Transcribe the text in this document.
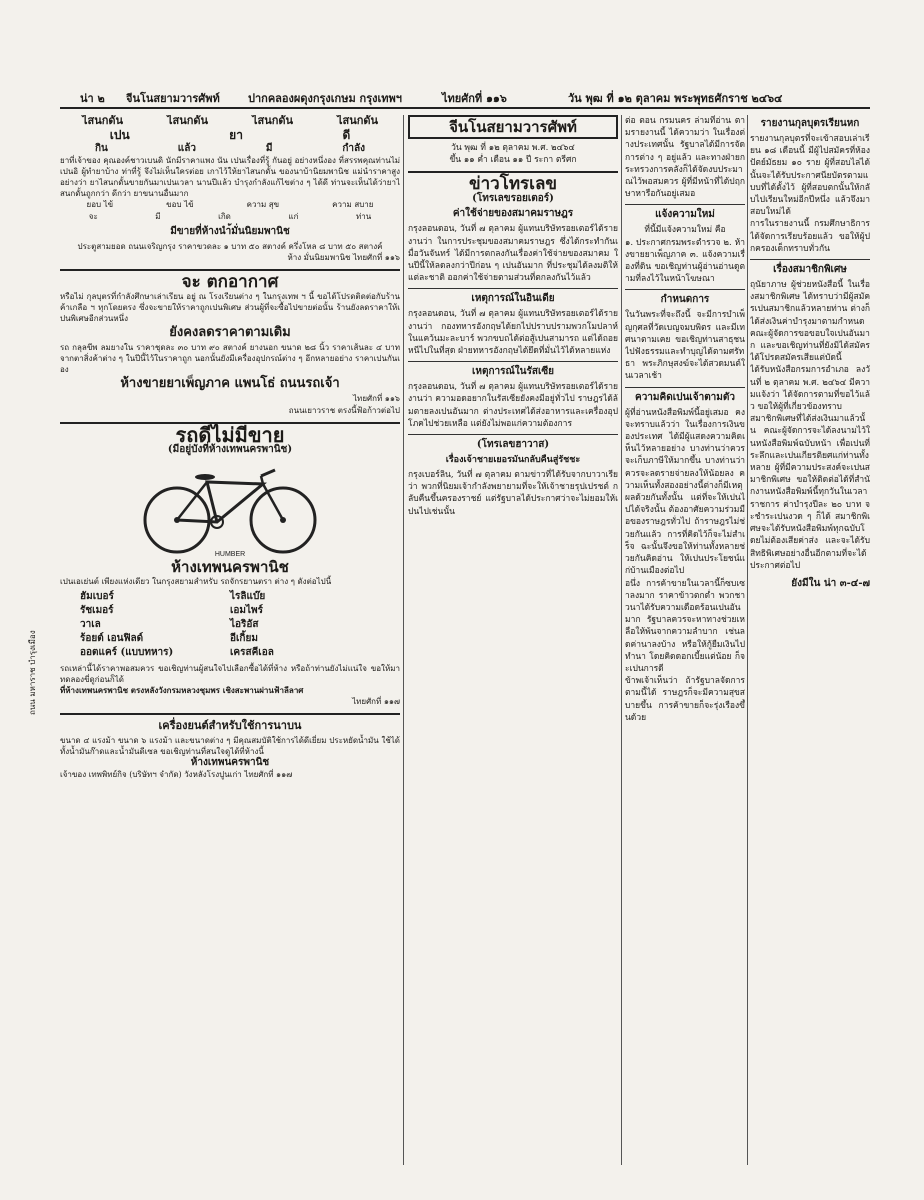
น่า ๒ จีนโนสยามวารศัพท์	ปากคลองผดุงกรุงเกษม กรุงเทพฯ	ไทยศักที่ ๑๑๖	วัน พุฒ ที่ ๑๒ ตุลาคม พระพุทธศักราช ๒๔๖๔
ไสนกดั้น	ไสนกดั้น	ไสนกดั้น	ไสนกดั้น
เปน	ยา	ดี
กิน	แล้ว	มี	กำลัง
ยาที่เจ้าของ คุณองค์ชาวเบนดิ นักมีราคาแพง นัน เปนเรื่องที่รู้ กันอยู่ อย่างหนึ่งอง ที่สรรพคุณท่านไม่เปนอิ ผู้ทำยาบ้าง ท่าที่รู้ จึงไม่เห็นใครต่อย เกาไว้ให้ยาไสนกดั้น ของนาบ้านิยมพานิช แม่นำราคาสูงอย่างว่า ยาไสนกดั้นขายกันมาเปนเวลา นานปีแล้ว บำรุงกำลังแก้ไขต่าง ๆ ได้ดี ท่านจะเห็นได้ว่ายาไสนกดั้นถูกกว่า ดีกว่า ยาขนานอื่นมาก
ยอบ ไข้	ขอบ ไข้	ความ สุข	ความ สบาย
จะ	มี	เกิด	แก่	ท่าน
มีขายที่ห้างนำ้มั่นนิยมพานิช
ประตูสามยอด ถนนเจริญกรุง ราคาขวดละ ๑ บาท ๕๐ สตางค์ ครึ่งโหล ๘ บาท ๕๐ สตางค์
ห้าง มั่นนิยมพานิช ไทยศักที่ ๑๑๖
จะ ตกอากาศ
หรือไม่ กุลบุตรที่กำลังศึกษาเล่าเรียน อยู่ ณ โรงเรียนต่าง ๆ ในกรุงเทพ ฯ นี้ ขอได้โปรดติดต่อกับร้านค้าเกลือ ฯ ทุกโดยตรง ซึ่งจะขายให้ราคาถูกเปนพิเศษ ส่วนผู้ที่จะซื้อไปขายต่อนั้น ร้านยังลดราคาให้เปนพิเศษอีกส่วนหนึ่ง
ยังคงลดราคาตามเดิม
รถ กลุลขีพ ลมยางใน ราคาชุดละ ๓๐ บาท ๙๐ สตางค์ ยางนอก ขนาด ๒๘ นิ้ว ราคาเส้นละ ๔ บาท จากตาสิ่งค้าต่าง ๆ ในปีนี้ไว้ในราคาถูก นอกนั้นยังมีเครื่องอุปกรณ์ต่าง ๆ อีกหลายอย่าง ราคาเปนกันเอง
ห้างขายยาเพ็ญภาค แพนโธ่ ถนนรถเจ้า
ไทยศักที่ ๑๑๖
ถนนเยาวราช ตรงนี้ฟ้อก้าวต่อไป
รถดีไม่มีขาย
(มีอยู่บังที่ห้างเทพนครพานิช)
HUMBER
ห้างเทพนครพานิช
เปนเอเย่นต์ เพียงแห่งเดียว ในกรุงสยามสำหรับ รถจักรยานตรา ต่าง ๆ ดังต่อไปนี้
ฮัมเบอร์	ไรลิแบ๊ย
รัชเมอร์	เอมไพร์
วาเล	ไอริอัส
ร้อยต์ เอนฟิลด์	อีเกิ้ยม
ออตแคร์ (แบบทหาร)	เครสคีเอล
รถเหล่านี้ได้ราคาพอสมควร ขอเชิญท่านผู้สนใจไปเลือกซื้อได้ที่ห้าง หรือถ้าท่านยังไม่แน่ใจ ขอให้มาทดลองขี่ดูก่อนก็ได้
ที่ห้างเทพนครพานิช ตรงหลังวังกรมหลวงชุมพร เชิงสะพานผ่านฟ้าลีลาศ
ไทยศักที่ ๑๑๗
เครื่องยนต์สำหรับใช้การนาบน
ขนาด ๔ แรงม้า ขนาด ๖ แรงม้า และขนาดต่าง ๆ มีคุณสมบัติใช้การได้ดีเยี่ยม ประหยัดน้ำมัน ใช้ได้ทั้งน้ำมันก๊าดและน้ำมันดีเซล ขอเชิญท่านที่สนใจดูได้ที่ห้างนี้
ห้างเทพนครพานิช
เจ้าของ เทพพิทย์กิจ (บริษัทฯ จำกัด) วังหลังโรงปูนเก่า ไทยศักที่ ๑๑๗
ถนน มหาราช บำรุงเมือง
จีนโนสยามวารศัพท์
วัน พุฒ ที่ ๑๒ ตุลาคม พ.ศ. ๒๔๖๔
ขึ้น ๑๑ ค่ำ เดือน ๑๑ ปี ระกา ตรีศก
ข่าวโทรเลข
(โทรเลขรอยเตอร์)
ค่าใช้จ่ายของสมาคมราษฎร
กรุงลอนดอน, วันที่ ๗ ตุลาคม ผู้แทนบริษัทรอยเตอร์ได้รายงานว่า ในการประชุมของสมาคมราษฎร ซึ่งได้กระทำกันเมื่อวันจันทร์ ได้มีการตกลงกันเรื่องค่าใช้จ่ายของสมาคม ในปีนี้ให้ลดลงกว่าปีก่อน ๆ เปนอันมาก ที่ประชุมได้ลงมติให้แต่ละชาติ ออกค่าใช้จ่ายตามส่วนที่ตกลงกันไว้แล้ว
เหตุการณ์ในอินเดีย
กรุงลอนดอน, วันที่ ๗ ตุลาคม ผู้แทนบริษัทรอยเตอร์ได้รายงานว่า กองทหารอังกฤษได้ยกไปปราบปรามพวกโมปลาห์ ในแคว้นมะละบาร์ พวกขบถได้ต่อสู้เปนสามารถ แต่ได้ถอยหนีไปในที่สุด ฝ่ายทหารอังกฤษได้ยึดที่มั่นไว้ได้หลายแห่ง
เหตุการณ์ในรัสเซีย
กรุงลอนดอน, วันที่ ๗ ตุลาคม ผู้แทนบริษัทรอยเตอร์ได้รายงานว่า ความอดอยากในรัสเซียยังคงมีอยู่ทั่วไป ราษฎรได้ล้มตายลงเปนอันมาก ต่างประเทศได้ส่งอาหารและเครื่องอุปโภคไปช่วยเหลือ แต่ยังไม่พอแก่ความต้องการ
(โทรเลขฮาวาส)
เรื่องเจ้าชายเยอรมันกลับคืนสู่รัชชะ
กรุงเบอร์ลิน, วันที่ ๗ ตุลาคม ตามข่าวที่ได้รับจากบาวาเรียว่า พวกที่นิยมเจ้ากำลังพยายามที่จะให้เจ้าชายรุปเปรชต์ กลับคืนขึ้นครองราชย์ แต่รัฐบาลได้ประกาศว่าจะไม่ยอมให้เปนไปเช่นนั้น
ต่อ ตอน กรมนคร ล่ามที่อ่าน ตามรายงานนี้ ได้ความว่า ในเรื่องต่างประเทศนั้น รัฐบาลได้มีการจัดการต่าง ๆ อยู่แล้ว และทางฝ่ายกระทรวงการคลังก็ได้จัดงบประมาณไว้พอสมควร ผู้ที่มีหน้าที่ได้ปฤกษาหารือกันอยู่เสมอ
แจ้งความใหม่
ที่นี้มีแจ้งความใหม่ คือ
๑. ประกาศกรมพระตำรวจ ๒. ห้างขายยาเพ็ญภาค ๓. แจ้งความเรื่องที่ดิน ขอเชิญท่านผู้อ่านอ่านดูตามที่ลงไว้ในหน้าโฆษณา
กำหนดการ
ในวันพระที่จะถึงนี้ จะมีการบำเพ็ญกุศลที่วัดเบญจมบพิตร และมีเทศนาตามเคย ขอเชิญท่านสาธุชนไปฟังธรรมและทำบุญได้ตามศรัทธา พระภิกษุสงฆ์จะได้สวดมนต์ในเวลาเช้า
ความคิดเปนเจ้าตามตัว
ผู้ที่อ่านหนังสือพิมพ์นี้อยู่เสมอ คงจะทราบแล้วว่า ในเรื่องการเงินของประเทศ ได้มีผู้แสดงความคิดเห็นไว้หลายอย่าง บางท่านว่าควรจะเก็บภาษีให้มากขึ้น บางท่านว่าควรจะลดรายจ่ายลงให้น้อยลง ความเห็นทั้งสองอย่างนี้ต่างก็มีเหตุผลด้วยกันทั้งนั้น แต่ที่จะให้เปนไปได้จริงนั้น ต้องอาศัยความร่วมมือของราษฎรทั่วไป ถ้าราษฎรไม่ช่วยกันแล้ว การที่คิดไว้ก็จะไม่สำเร็จ ฉะนั้นจึงขอให้ท่านทั้งหลายช่วยกันคิดอ่าน ให้เปนประโยชน์แก่บ้านเมืองต่อไป
อนึ่ง การค้าขายในเวลานี้ก็ซบเซาลงมาก ราคาข้าวตกต่ำ พวกชาวนาได้รับความเดือดร้อนเปนอันมาก รัฐบาลควรจะหาทางช่วยเหลือให้พ้นจากความลำบาก เช่นลดค่านาลงบ้าง หรือให้กู้ยืมเงินไปทำนา โดยคิดดอกเบี้ยแต่น้อย ก็จะเปนการดี
ข้าพเจ้าเห็นว่า ถ้ารัฐบาลจัดการตามนี้ได้ ราษฎรก็จะมีความสุขสบายขึ้น การค้าขายก็จะรุ่งเรืองขึ้นด้วย
รายงานกุลบุตรเรียนหก
รายงานกุลบุตรที่จะเข้าสอบเล่าเรียน ๑๘ เดือนนี้ มีผู้ไปสมัครที่ห้องปัตย์มัธยม ๑๐ ราย ผู้ที่สอบไล่ได้นั้นจะได้รับประกาศนียบัตรตามแบบที่ได้ตั้งไว้ ผู้ที่สอบตกนั้นให้กลับไปเรียนใหม่อีกปีหนึ่ง แล้วจึงมาสอบใหม่ได้
การในรายงานนี้ กรมศึกษาธิการได้จัดการเรียบร้อยแล้ว ขอให้ผู้ปกครองเด็กทราบทั่วกัน
เรื่องสมาชิกพิเศษ
ถุนัยาภาษ ผู้ช่วยหนังสือนี้ ในเรื่องสมาชิกพิเศษ ได้ทราบว่ามีผู้สมัครเปนสมาชิกแล้วหลายท่าน ต่างก็ได้ส่งเงินค่าบำรุงมาตามกำหนด คณะผู้จัดการขอขอบใจเปนอันมาก และขอเชิญท่านที่ยังมิได้สมัคร ได้โปรดสมัครเสียแต่บัดนี้
ได้รับหนังสือกรมการอำเภอ ลงวันที่ ๒ ตุลาคม พ.ศ. ๒๔๖๔ มีความแจ้งว่า ได้จัดการตามที่ขอไว้แล้ว ขอให้ผู้ที่เกี่ยวข้องทราบ
สมาชิกพิเศษที่ได้ส่งเงินมาแล้วนั้น คณะผู้จัดการจะได้ลงนามไว้ในหนังสือพิมพ์ฉบับหน้า เพื่อเปนที่ระลึกและเปนเกียรติยศแก่ท่านทั้งหลาย ผู้ที่มีความประสงค์จะเปนสมาชิกพิเศษ ขอให้ติดต่อได้ที่สำนักงานหนังสือพิมพ์นี้ทุกวันในเวลาราชการ ค่าบำรุงปีละ ๒๐ บาท จะชำระเปนงวด ๆ ก็ได้ สมาชิกพิเศษจะได้รับหนังสือพิมพ์ทุกฉบับโดยไม่ต้องเสียค่าส่ง และจะได้รับสิทธิพิเศษอย่างอื่นอีกตามที่จะได้ประกาศต่อไป
ยังมีใน น่า ๓-๔-๗
